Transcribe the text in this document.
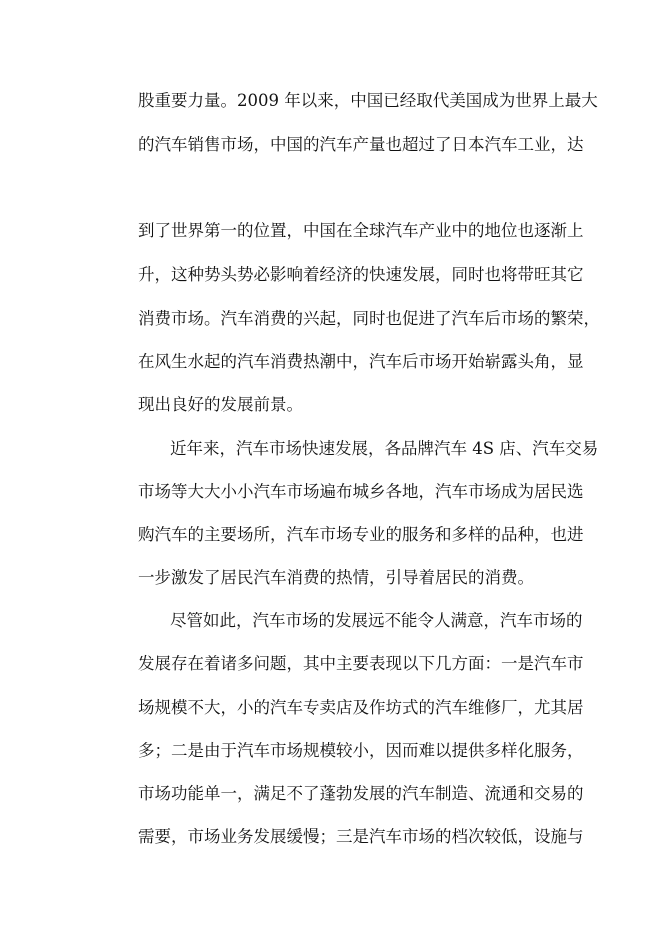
股重要力量。2009 年以来，中国已经取代美国成为世界上最大

的汽车销售市场，中国的汽车产量也超过了日本汽车工业，达

到了世界第一的位置，中国在全球汽车产业中的地位也逐渐上

升，这种势头势必影响着经济的快速发展，同时也将带旺其它

消费市场。汽车消费的兴起，同时也促进了汽车后市场的繁荣，

在风生水起的汽车消费热潮中，汽车后市场开始崭露头角，显

现出良好的发展前景。

近年来，汽车市场快速发展，各品牌汽车 4S 店、汽车交易

市场等大大小小汽车市场遍布城乡各地，汽车市场成为居民选

购汽车的主要场所，汽车市场专业的服务和多样的品种，也进

一步激发了居民汽车消费的热情，引导着居民的消费。

尽管如此，汽车市场的发展远不能令人满意，汽车市场的

发展存在着诸多问题，其中主要表现以下几方面：一是汽车市

场规模不大，小的汽车专卖店及作坊式的汽车维修厂，尤其居

多；二是由于汽车市场规模较小，因而难以提供多样化服务，

市场功能单一，满足不了蓬勃发展的汽车制造、流通和交易的

需要，市场业务发展缓慢；三是汽车市场的档次较低，设施与
